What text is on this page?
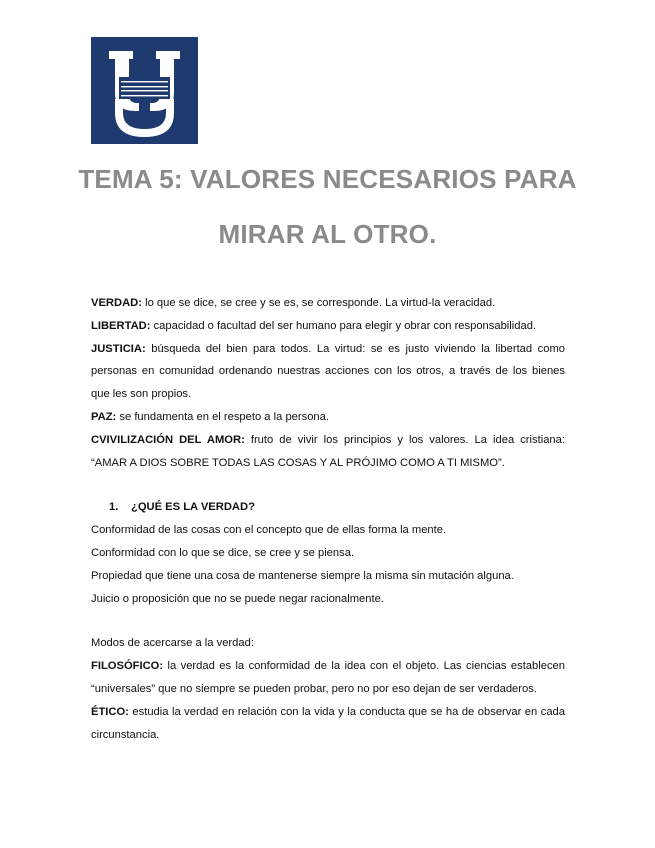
TEMA 5: VALORES NECESARIOS PARA
MIRAR AL OTRO.

VERDAD: lo que se dice, se cree y se es, se corresponde. La virtud-la veracidad.

LIBERTAD: capacidad o facultad del ser humano para elegir y obrar con responsabilidad.

JUSTICIA: búsqueda del bien para todos. La virtud: se es justo viviendo la libertad como

personas en comunidad ordenando nuestras acciones con los otros, a través de los bienes

que les son propios.

PAZ: se fundamenta en el respeto a la persona.

CVIVILIZACIÓN DEL AMOR: fruto de vivir los principios y los valores. La idea cristiana:

“AMAR A DIOS SOBRE TODAS LAS COSAS Y AL PRÓJIMO COMO A TI MISMO”.

1. ¿QUÉ ES LA VERDAD?

Conformidad de las cosas con el concepto que de ellas forma la mente.

Conformidad con lo que se dice, se cree y se piensa.

Propiedad que tiene una cosa de mantenerse siempre la misma sin mutación alguna.

Juicio o proposición que no se puede negar racionalmente.

Modos de acercarse a la verdad:

FILOSÓFICO: la verdad es la conformidad de la idea con el objeto. Las ciencias establecen

“universales” que no siempre se pueden probar, pero no por eso dejan de ser verdaderos.

ÉTICO: estudia la verdad en relación con la vida y la conducta que se ha de observar en cada

circunstancia.
